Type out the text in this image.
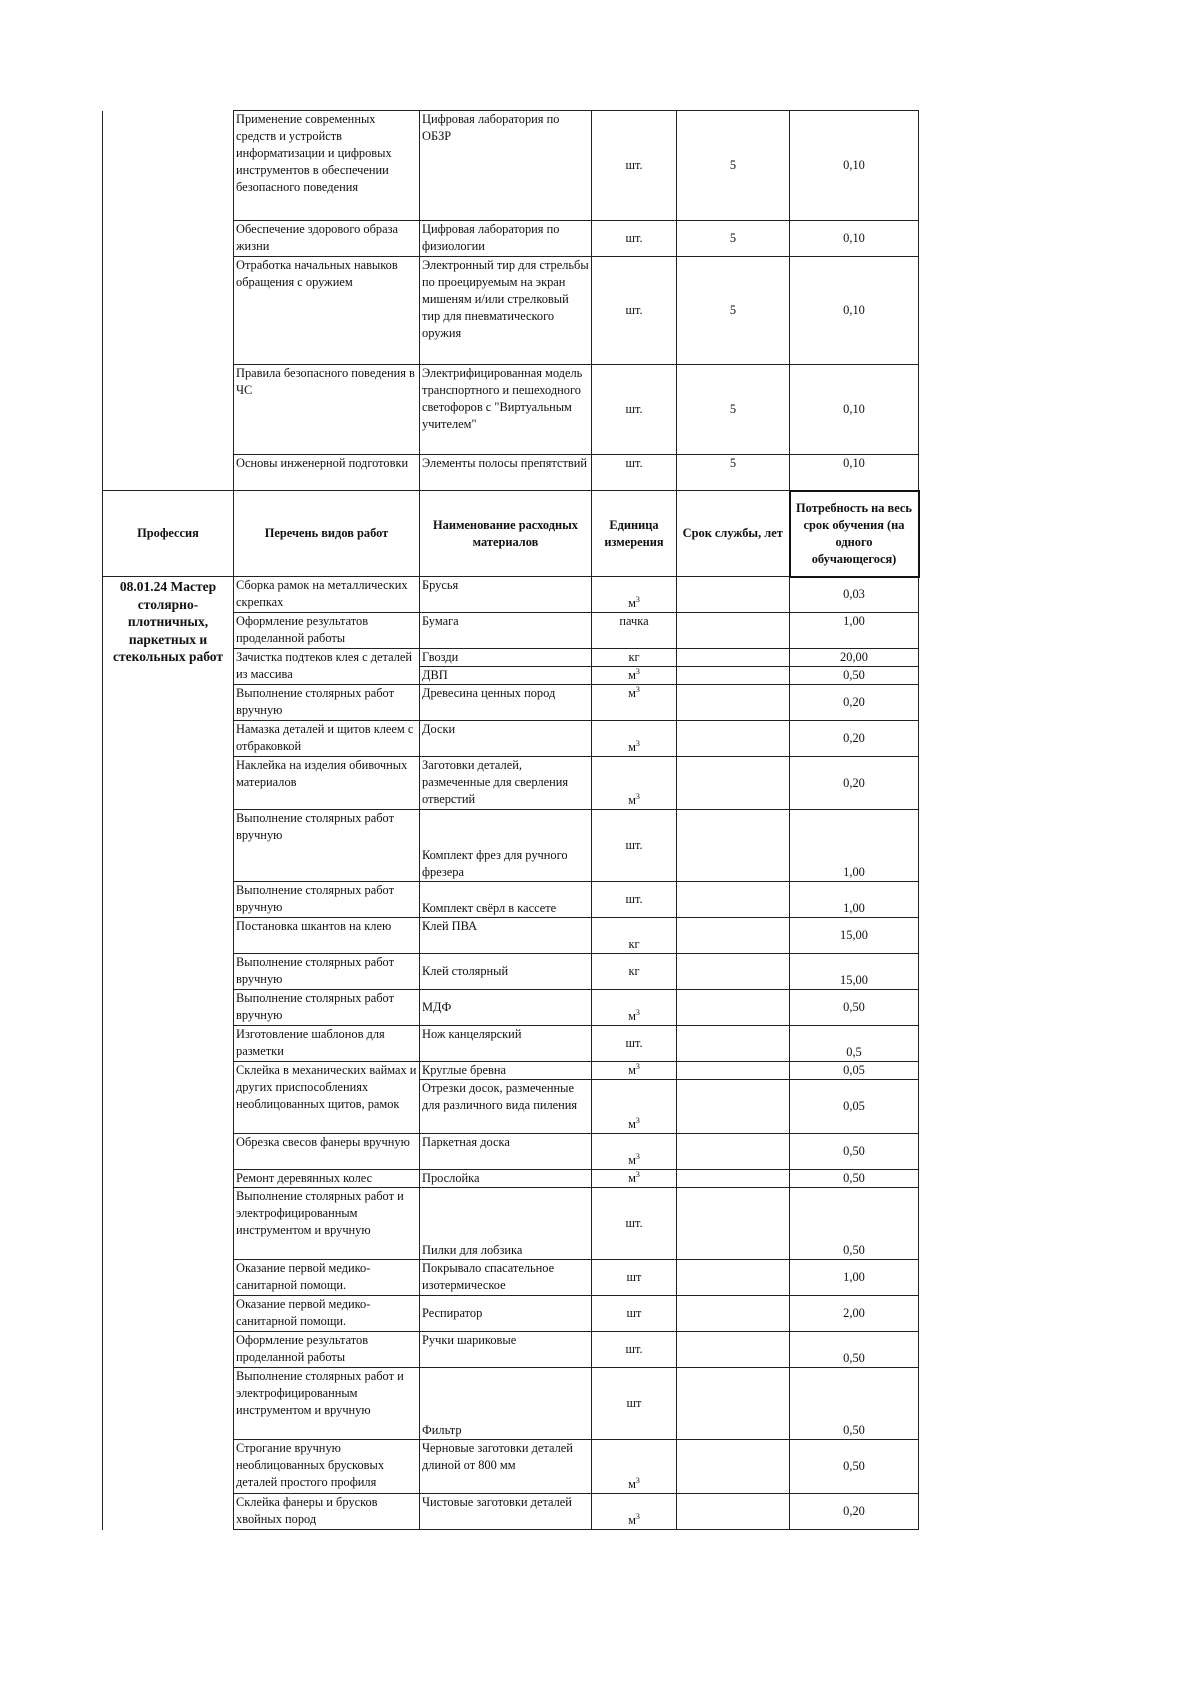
	Применение современных средств и устройств информатизации и цифровых инструментов в обеспечении безопасного поведения	Цифровая лаборатория по ОБЗР	шт.	5	0,10
	Обеспечение здорового образа жизни	Цифровая лаборатория по физиологии	шт.	5	0,10
	Отработка начальных навыков обращения с оружием	Электронный тир для стрельбы по проецируемым на экран мишеням и/или стрелковый тир для пневматического оружия	шт.	5	0,10
	Правила безопасного поведения в ЧС	Электрифицированная модель транспортного и пешеходного светофоров с "Виртуальным учителем"	шт.	5	0,10
	Основы инженерной подготовки	Элементы полосы препятствий	шт.	5	0,10
Профессия	Перечень видов работ	Наименование расходных материалов	Единица измерения	Срок службы, лет	Потребность на весь срок обучения (на одного обучающегося)

08.01.24 Мастер столярно-плотничных, паркетных и стекольных работ	Сборка рамок на металлических скрепках	Брусья	$м^3$		0,03
	Оформление результатов проделанной работы	Бумага	пачка		1,00
	Зачистка подтеков клея с деталей из массива	Гвозди	кг		20,00
		ДВП	$м^3$		0,50
	Выполнение столярных работ вручную	Древесина ценных пород	$м^3$		0,20
	Намазка деталей и щитов клеем с отбраковкой	Доски	$м^3$		0,20
	Наклейка на изделия обивочных материалов	Заготовки деталей, размеченные для сверления отверстий	$м^3$		0,20
	Выполнение столярных работ вручную	Комплект фрез для ручного фрезера	шт.		1,00
	Выполнение столярных работ вручную	Комплект свёрл в кассете	шт.		1,00
	Постановка шкантов на клею	Клей ПВА	кг		15,00
	Выполнение столярных работ вручную	Клей столярный	кг		15,00
	Выполнение столярных работ вручную	МДФ	$м^3$		0,50
	Изготовление шаблонов для разметки	Нож канцелярский	шт.		0,5
	Склейка в механических ваймах и других приспособлениях необлицованных щитов, рамок	Круглые бревна	$м^3$		0,05
		Отрезки досок, размеченные для различного вида пиления	$м^3$		0,05
	Обрезка свесов фанеры вручную	Паркетная доска	$м^3$		0,50
	Ремонт деревянных колес	Прослойка	$м^3$		0,50
	Выполнение столярных работ и электрофицированным инструментом и вручную	Пилки для лобзика	шт.		0,50
	Оказание первой медико-санитарной помощи.	Покрывало спасательное изотермическое	шт		1,00
	Оказание первой медико-санитарной помощи.	Респиратор	шт		2,00
	Оформление результатов проделанной работы	Ручки шариковые	шт.		0,50
	Выполнение столярных работ и электрофицированным инструментом и вручную	Фильтр	шт		0,50
	Строгание вручную необлицованных брусковых деталей простого профиля	Черновые заготовки деталей длиной от 800 мм	$м^3$		0,50
	Склейка фанеры и брусков хвойных пород	Чистовые заготовки деталей	$м^3$		0,20
